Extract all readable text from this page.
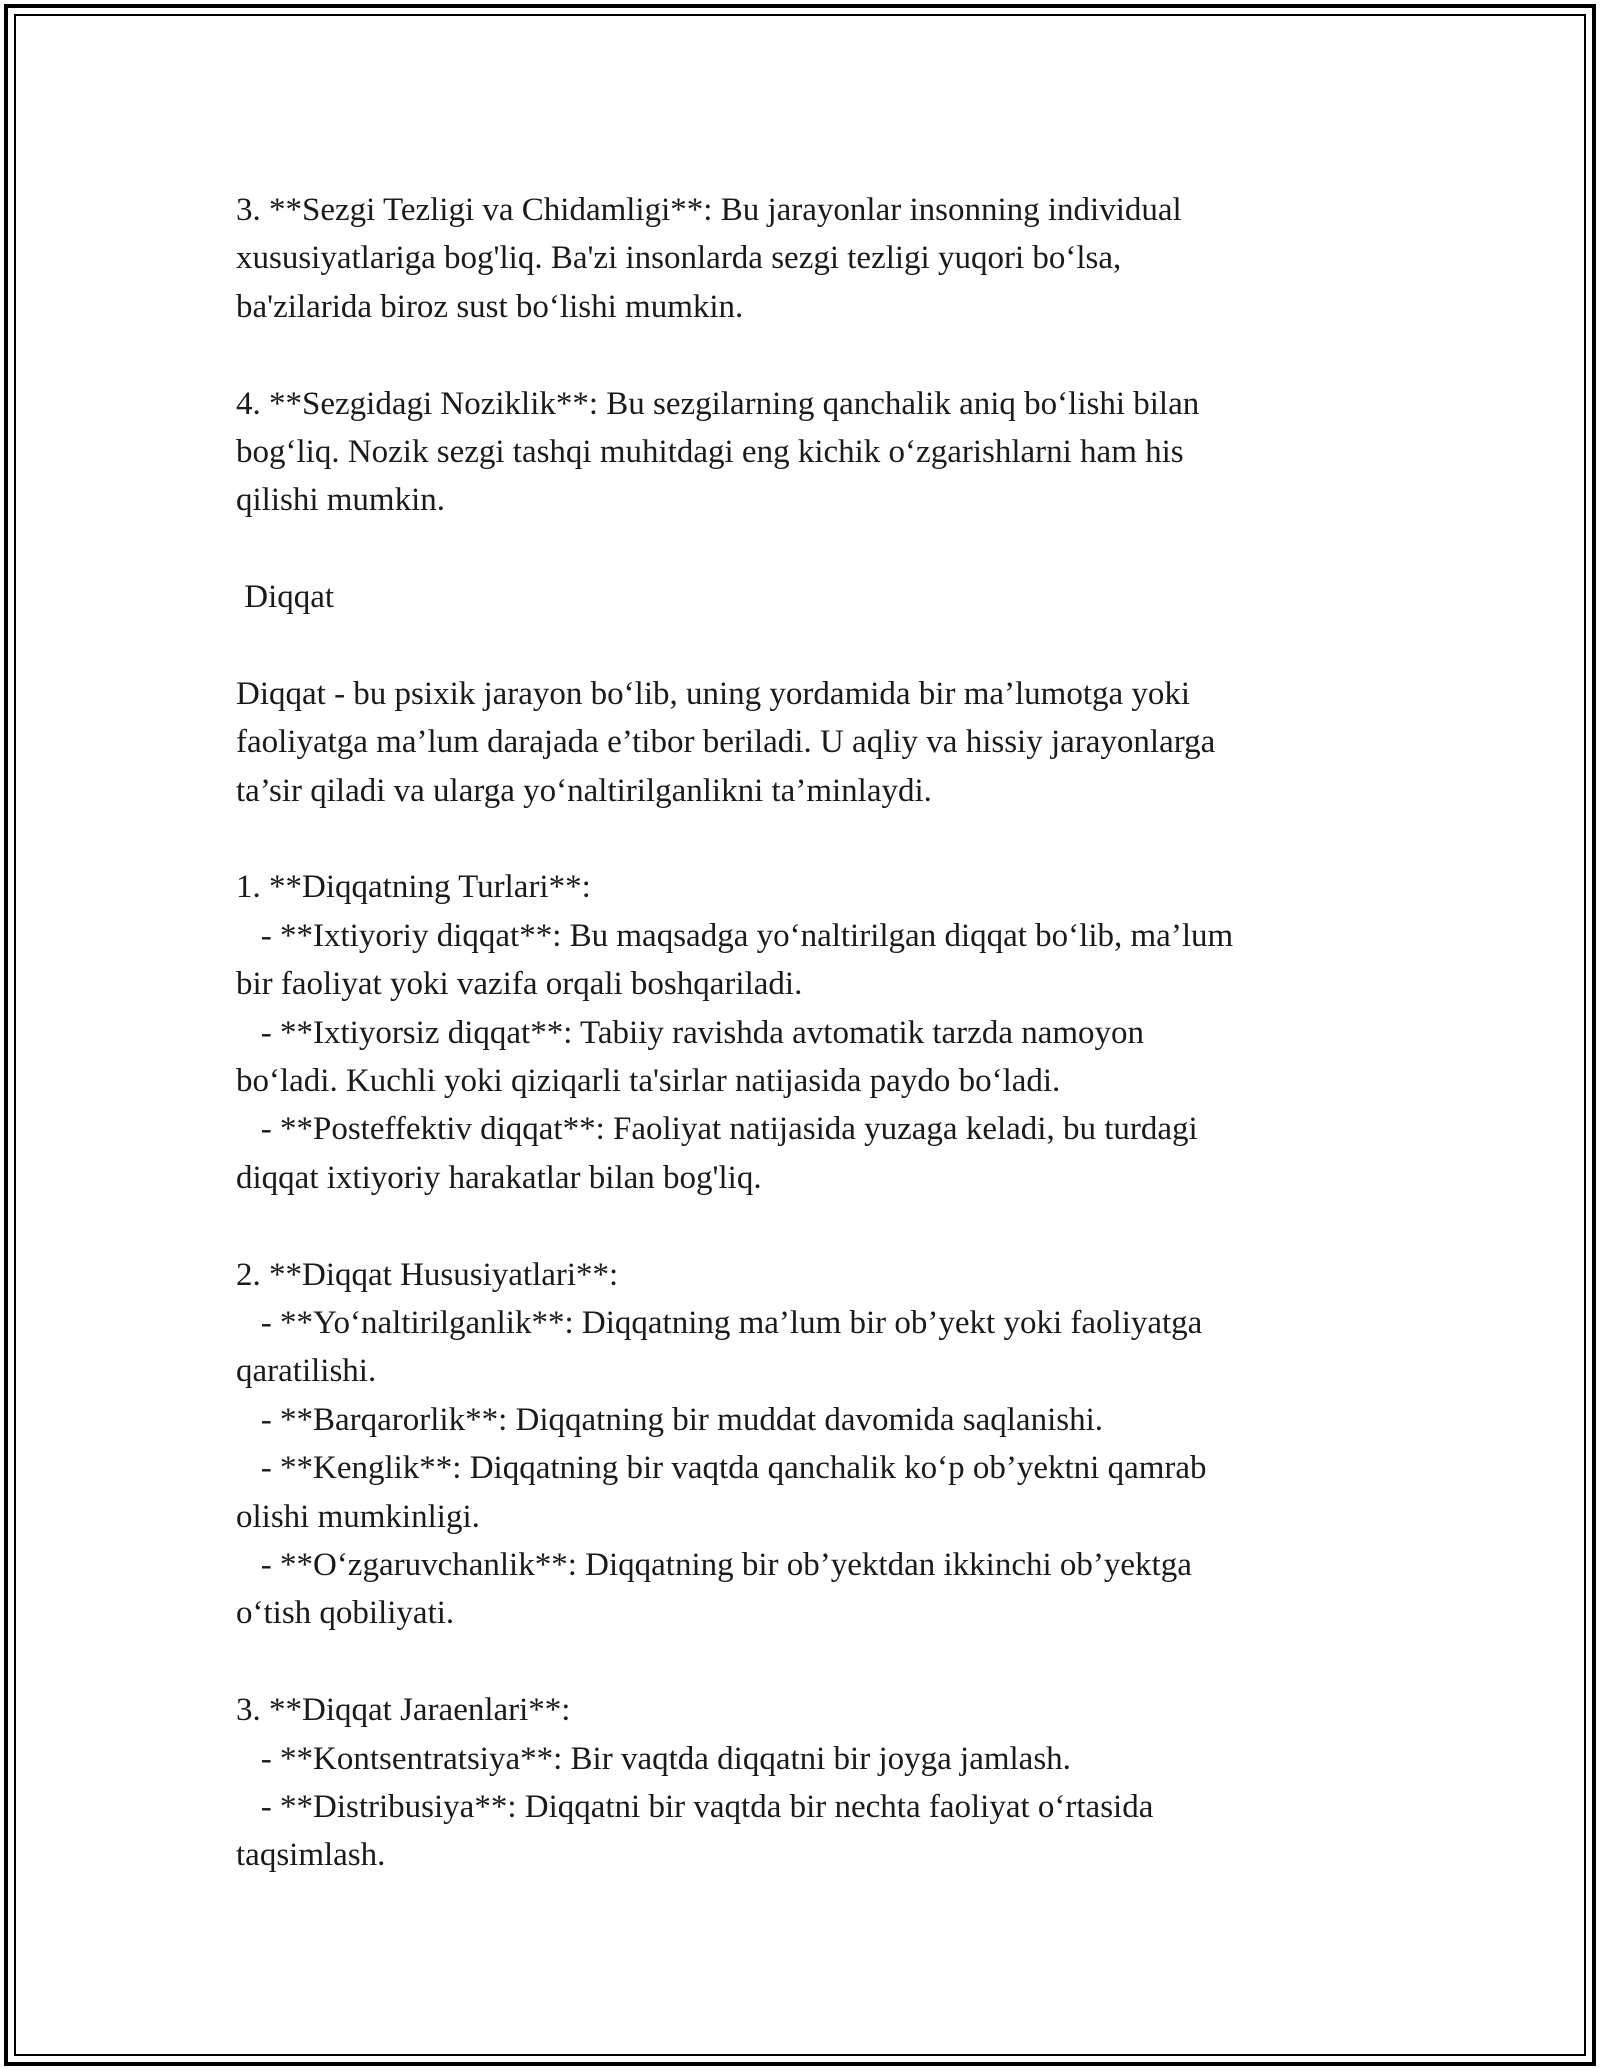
3. **Sezgi Tezligi va Chidamligi**: Bu jarayonlar insonning individual
xususiyatlariga bog'liq. Ba'zi insonlarda sezgi tezligi yuqori bo‘lsa,
ba'zilarida biroz sust bo‘lishi mumkin.
4. **Sezgidagi Noziklik**: Bu sezgilarning qanchalik aniq bo‘lishi bilan
bog‘liq. Nozik sezgi tashqi muhitdagi eng kichik o‘zgarishlarni ham his
qilishi mumkin.
Diqqat
Diqqat - bu psixik jarayon bo‘lib, uning yordamida bir ma’lumotga yoki
faoliyatga ma’lum darajada e’tibor beriladi. U aqliy va hissiy jarayonlarga
ta’sir qiladi va ularga yo‘naltirilganlikni ta’minlaydi.
1. **Diqqatning Turlari**:
- **Ixtiyoriy diqqat**: Bu maqsadga yo‘naltirilgan diqqat bo‘lib, ma’lum
bir faoliyat yoki vazifa orqali boshqariladi.
- **Ixtiyorsiz diqqat**: Tabiiy ravishda avtomatik tarzda namoyon
bo‘ladi. Kuchli yoki qiziqarli ta'sirlar natijasida paydo bo‘ladi.
- **Posteffektiv diqqat**: Faoliyat natijasida yuzaga keladi, bu turdagi
diqqat ixtiyoriy harakatlar bilan bog'liq.
2. **Diqqat Hususiyatlari**:
- **Yo‘naltirilganlik**: Diqqatning ma’lum bir ob’yekt yoki faoliyatga
qaratilishi.
- **Barqarorlik**: Diqqatning bir muddat davomida saqlanishi.
- **Kenglik**: Diqqatning bir vaqtda qanchalik ko‘p ob’yektni qamrab
olishi mumkinligi.
- **O‘zgaruvchanlik**: Diqqatning bir ob’yektdan ikkinchi ob’yektga
o‘tish qobiliyati.
3. **Diqqat Jaraenlari**:
- **Kontsentratsiya**: Bir vaqtda diqqatni bir joyga jamlash.
- **Distribusiya**: Diqqatni bir vaqtda bir nechta faoliyat o‘rtasida
taqsimlash.
